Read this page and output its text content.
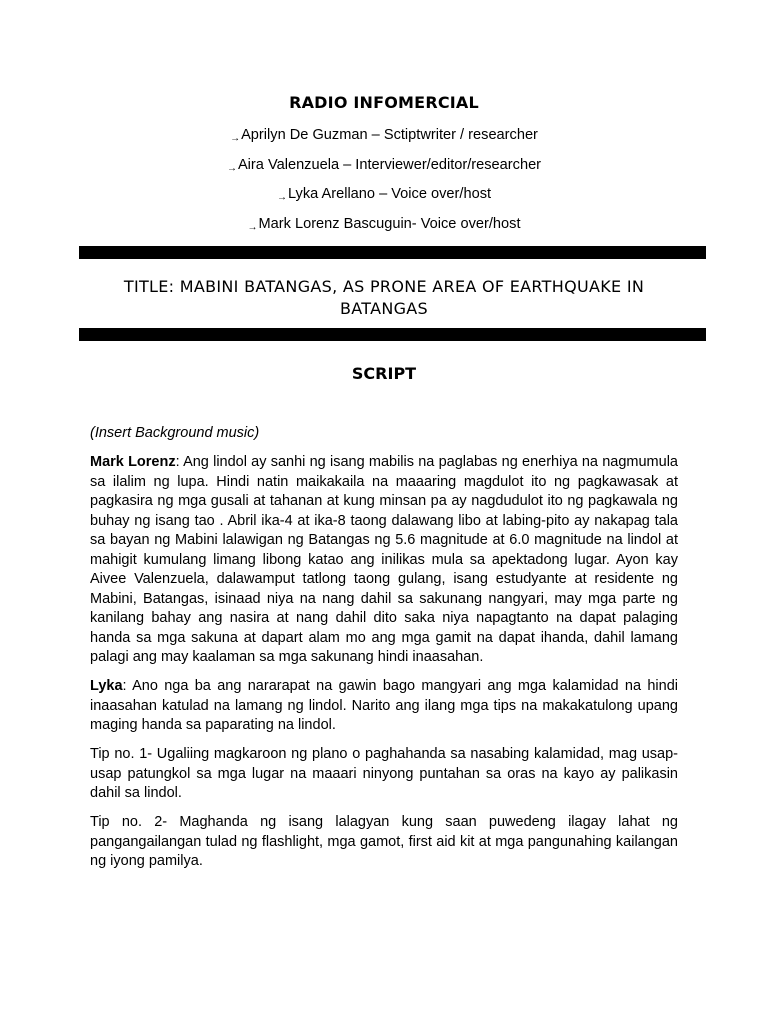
RADIO INFOMERCIAL
→Aprilyn De Guzman – Sctiptwriter / researcher
→Aira Valenzuela – Interviewer/editor/researcher
→Lyka Arellano – Voice over/host
→Mark Lorenz Bascuguin- Voice over/host
TITLE: MABINI BATANGAS, AS PRONE AREA OF EARTHQUAKE IN BATANGAS
SCRIPT

(Insert Background music)

Mark Lorenz: Ang lindol ay sanhi ng isang mabilis na paglabas ng enerhiya na nagmumula sa ilalim ng lupa. Hindi natin maikakaila na maaaring magdulot ito ng pagkawasak at pagkasira ng mga gusali at tahanan at kung minsan pa ay nagdudulot ito ng pagkawala ng buhay ng isang tao . Abril ika-4 at ika-8 taong dalawang libo at labing-pito ay nakapag tala sa bayan ng Mabini lalawigan ng Batangas ng 5.6 magnitude at 6.0 magnitude na lindol at mahigit kumulang limang libong katao ang inilikas mula sa apektadong lugar. Ayon kay Aivee Valenzuela, dalawamput tatlong taong gulang, isang estudyante at residente ng Mabini, Batangas, isinaad niya na nang dahil sa sakunang nangyari, may mga parte ng kanilang bahay ang nasira at nang dahil dito saka niya napagtanto na dapat palaging handa sa mga sakuna at dapart alam mo ang mga gamit na dapat ihanda, dahil lamang palagi ang may kaalaman sa mga sakunang hindi inaasahan.

Lyka: Ano nga ba ang nararapat na gawin bago mangyari ang mga kalamidad na hindi inaasahan katulad na lamang ng lindol. Narito ang ilang mga tips na makakatulong upang maging handa sa paparating na lindol.

Tip no. 1- Ugaliing magkaroon ng plano o paghahanda sa nasabing kalamidad, mag usap-usap patungkol sa mga lugar na maaari ninyong puntahan sa oras na kayo ay palikasin dahil sa lindol.

Tip no. 2- Maghanda ng isang lalagyan kung saan puwedeng ilagay lahat ng pangangailangan tulad ng flashlight, mga gamot, first aid kit at mga pangunahing kailangan ng iyong pamilya.
